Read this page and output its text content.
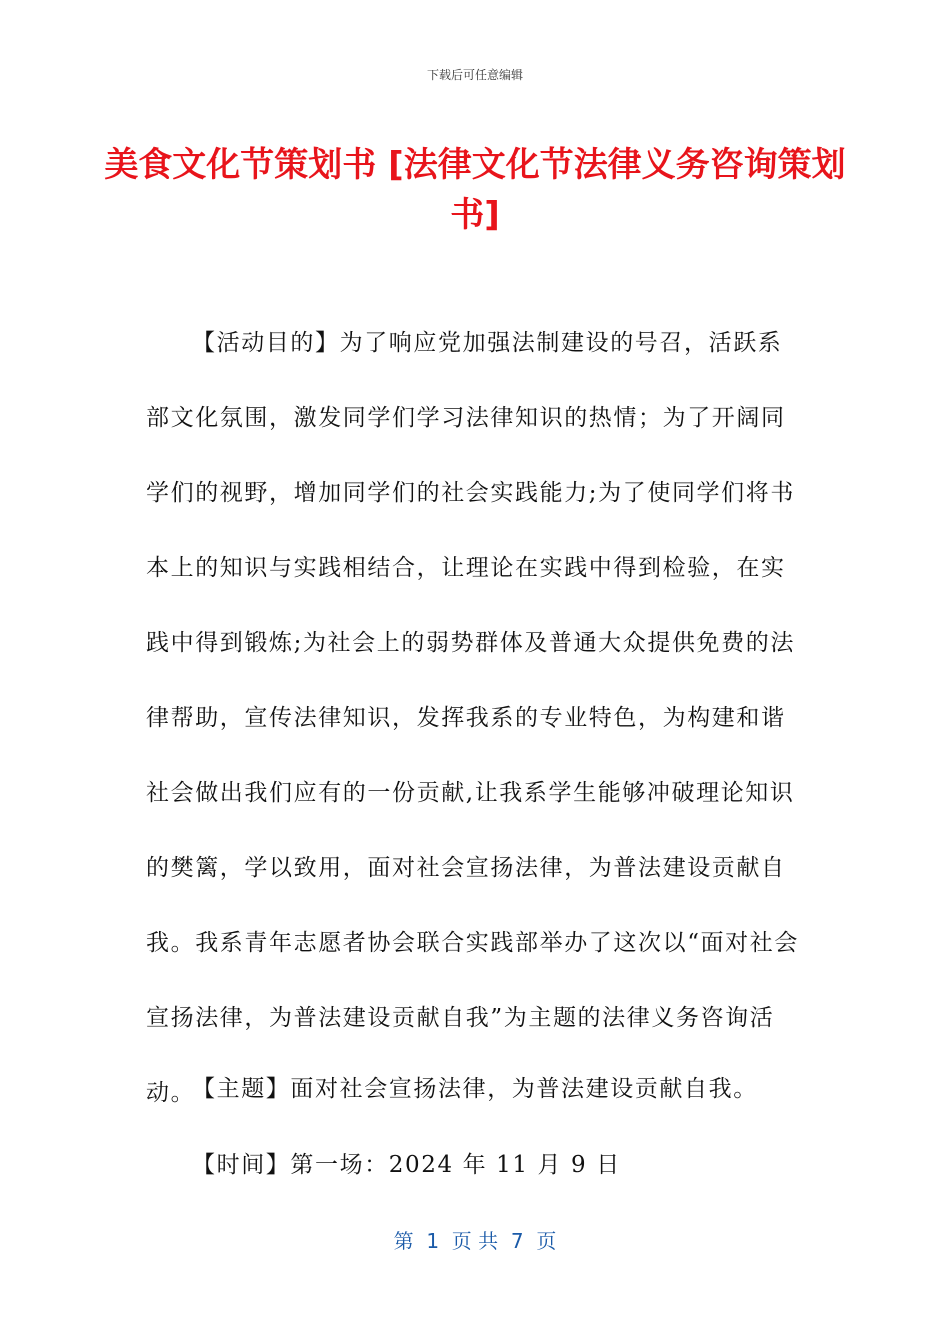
下载后可任意编辑
美食文化节策划书 [法律文化节法律义务咨询策划书]

【活动目的】为了响应党加强法制建设的号召，活跃系部文化氛围，激发同学们学习法律知识的热情；为了开阔同学们的视野，增加同学们的社会实践能力;为了使同学们将书本上的知识与实践相结合，让理论在实践中得到检验，在实践中得到锻炼;为社会上的弱势群体及普通大众提供免费的法律帮助，宣传法律知识，发挥我系的专业特色，为构建和谐社会做出我们应有的一份贡献,让我系学生能够冲破理论知识的樊篱，学以致用，面对社会宣扬法律，为普法建设贡献自我。我系青年志愿者协会联合实践部举办了这次以“面对社会宣扬法律，为普法建设贡献自我”为主题的法律义务咨询活动。

【主题】面对社会宣扬法律，为普法建设贡献自我。

【时间】第一场：2024 年 11 月 9 日

第  1  页 共  7  页
